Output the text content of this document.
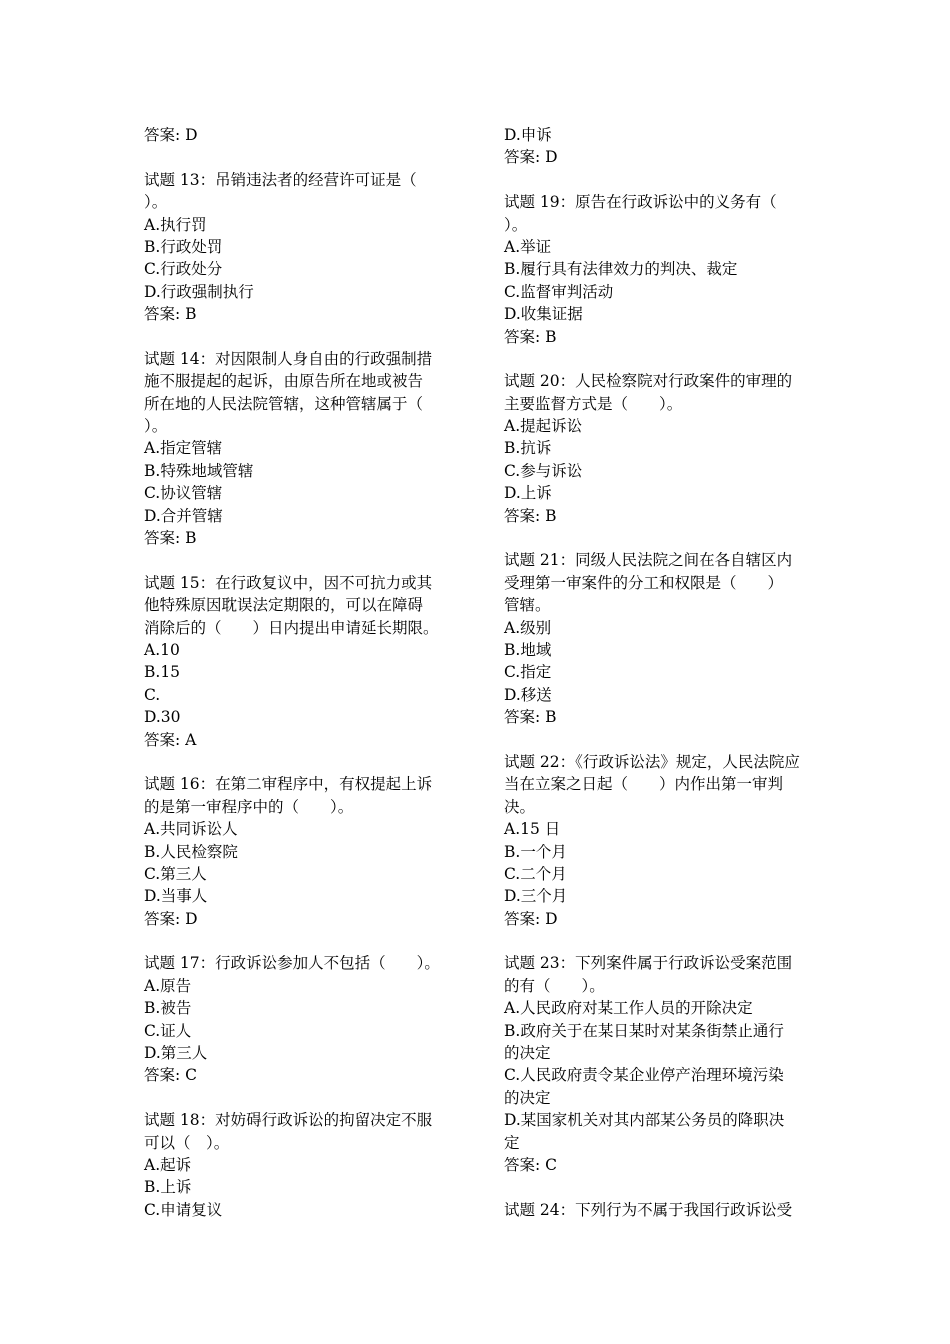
答案: D
试题 13：吊销违法者的经营许可证是（
）。
A.执行罚
B.行政处罚
C.行政处分
D.行政强制执行
答案: B
试题 14：对因限制人身自由的行政强制措
施不服提起的起诉，由原告所在地或被告
所在地的人民法院管辖，这种管辖属于（
）。
A.指定管辖
B.特殊地域管辖
C.协议管辖
D.合并管辖
答案: B
试题 15：在行政复议中，因不可抗力或其
他特殊原因耽误法定期限的，可以在障碍
消除后的（　　）日内提出申请延长期限。
A.10
B.15
C.
D.30
答案: A
试题 16：在第二审程序中，有权提起上诉
的是第一审程序中的（　　）。
A.共同诉讼人
B.人民检察院
C.第三人
D.当事人
答案: D
试题 17：行政诉讼参加人不包括（　　）。
A.原告
B.被告
C.证人
D.第三人
答案: C
试题 18：对妨碍行政诉讼的拘留决定不服
可以（　）。
A.起诉
B.上诉
C.申请复议
D.申诉
答案: D
试题 19：原告在行政诉讼中的义务有（
）。
A.举证
B.履行具有法律效力的判决、裁定
C.监督审判活动
D.收集证据
答案: B
试题 20：人民检察院对行政案件的审理的
主要监督方式是（　　）。
A.提起诉讼
B.抗诉
C.参与诉讼
D.上诉
答案: B
试题 21：同级人民法院之间在各自辖区内
受理第一审案件的分工和权限是（　　）
管辖。
A.级别
B.地域
C.指定
D.移送
答案: B
试题 22：《行政诉讼法》规定，人民法院应
当在立案之日起（　　）内作出第一审判
决。
A.15 日
B.一个月
C.二个月
D.三个月
答案: D
试题 23：下列案件属于行政诉讼受案范围
的有（　　）。
A.人民政府对某工作人员的开除决定
B.政府关于在某日某时对某条街禁止通行
的决定
C.人民政府责令某企业停产治理环境污染
的决定
D.某国家机关对其内部某公务员的降职决
定
答案: C
试题 24：下列行为不属于我国行政诉讼受
